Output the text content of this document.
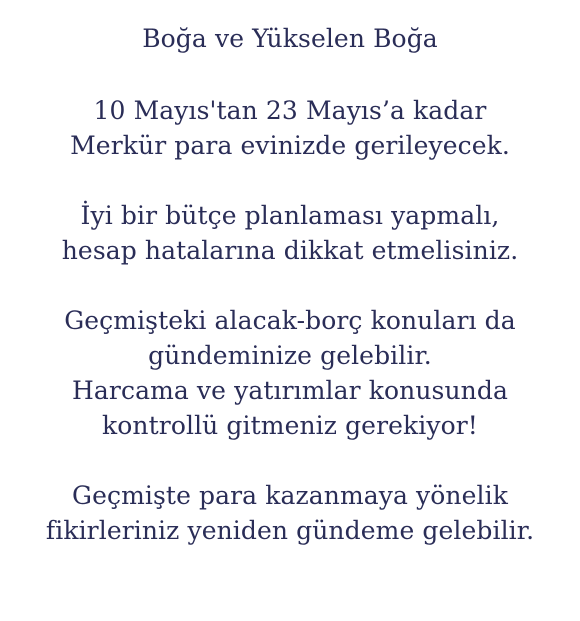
Boğa ve Yükselen Boğa
10 Mayıs'tan 23 Mayıs’a kadar
Merkür para evinizde gerileyecek.
İyi bir bütçe planlaması yapmalı,
hesap hatalarına dikkat etmelisiniz.
Geçmişteki alacak-borç konuları da
gündeminize gelebilir.
Harcama ve yatırımlar konusunda
kontrollü gitmeniz gerekiyor!
Geçmişte para kazanmaya yönelik
fikirleriniz yeniden gündeme gelebilir.
